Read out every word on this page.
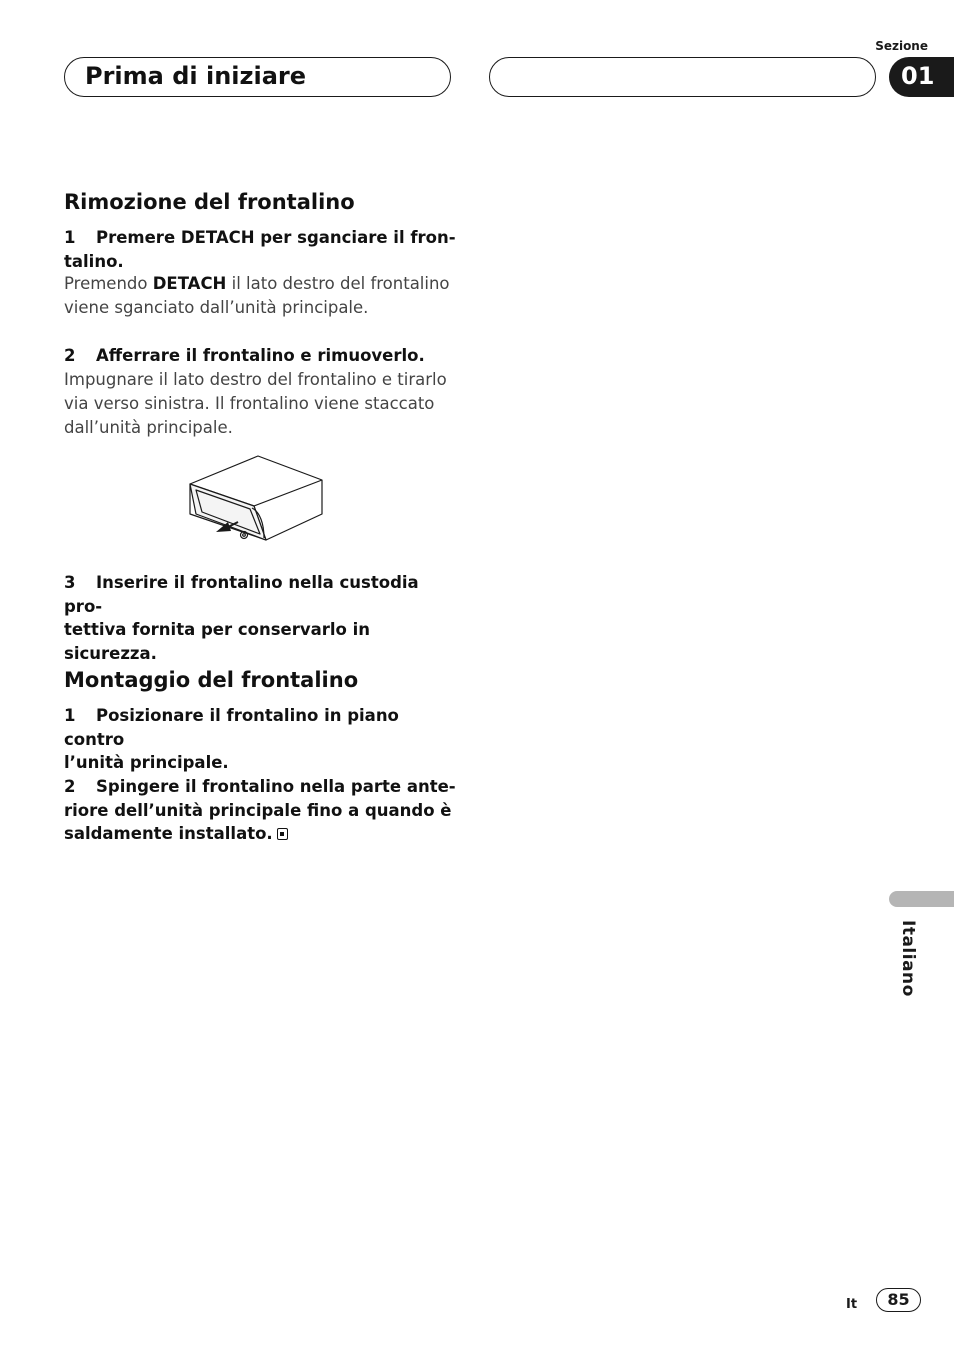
Prima di iniziare
Sezione
01
Rimozione del frontalino
1 Premere DETACH per sganciare il fron-
talino.
Premendo DETACH il lato destro del frontalino viene sganciato dall’unità principale.
2 Afferrare il frontalino e rimuoverlo.
Impugnare il lato destro del frontalino e tirarlo via verso sinistra. Il frontalino viene staccato dall’unità principale.
3 Inserire il frontalino nella custodia pro-
tettiva fornita per conservarlo in sicurezza.
Montaggio del frontalino
1 Posizionare il frontalino in piano contro
l’unità principale.
2 Spingere il frontalino nella parte ante-
riore dell’unità principale fino a quando è
saldamente installato.
Italiano
It	85
